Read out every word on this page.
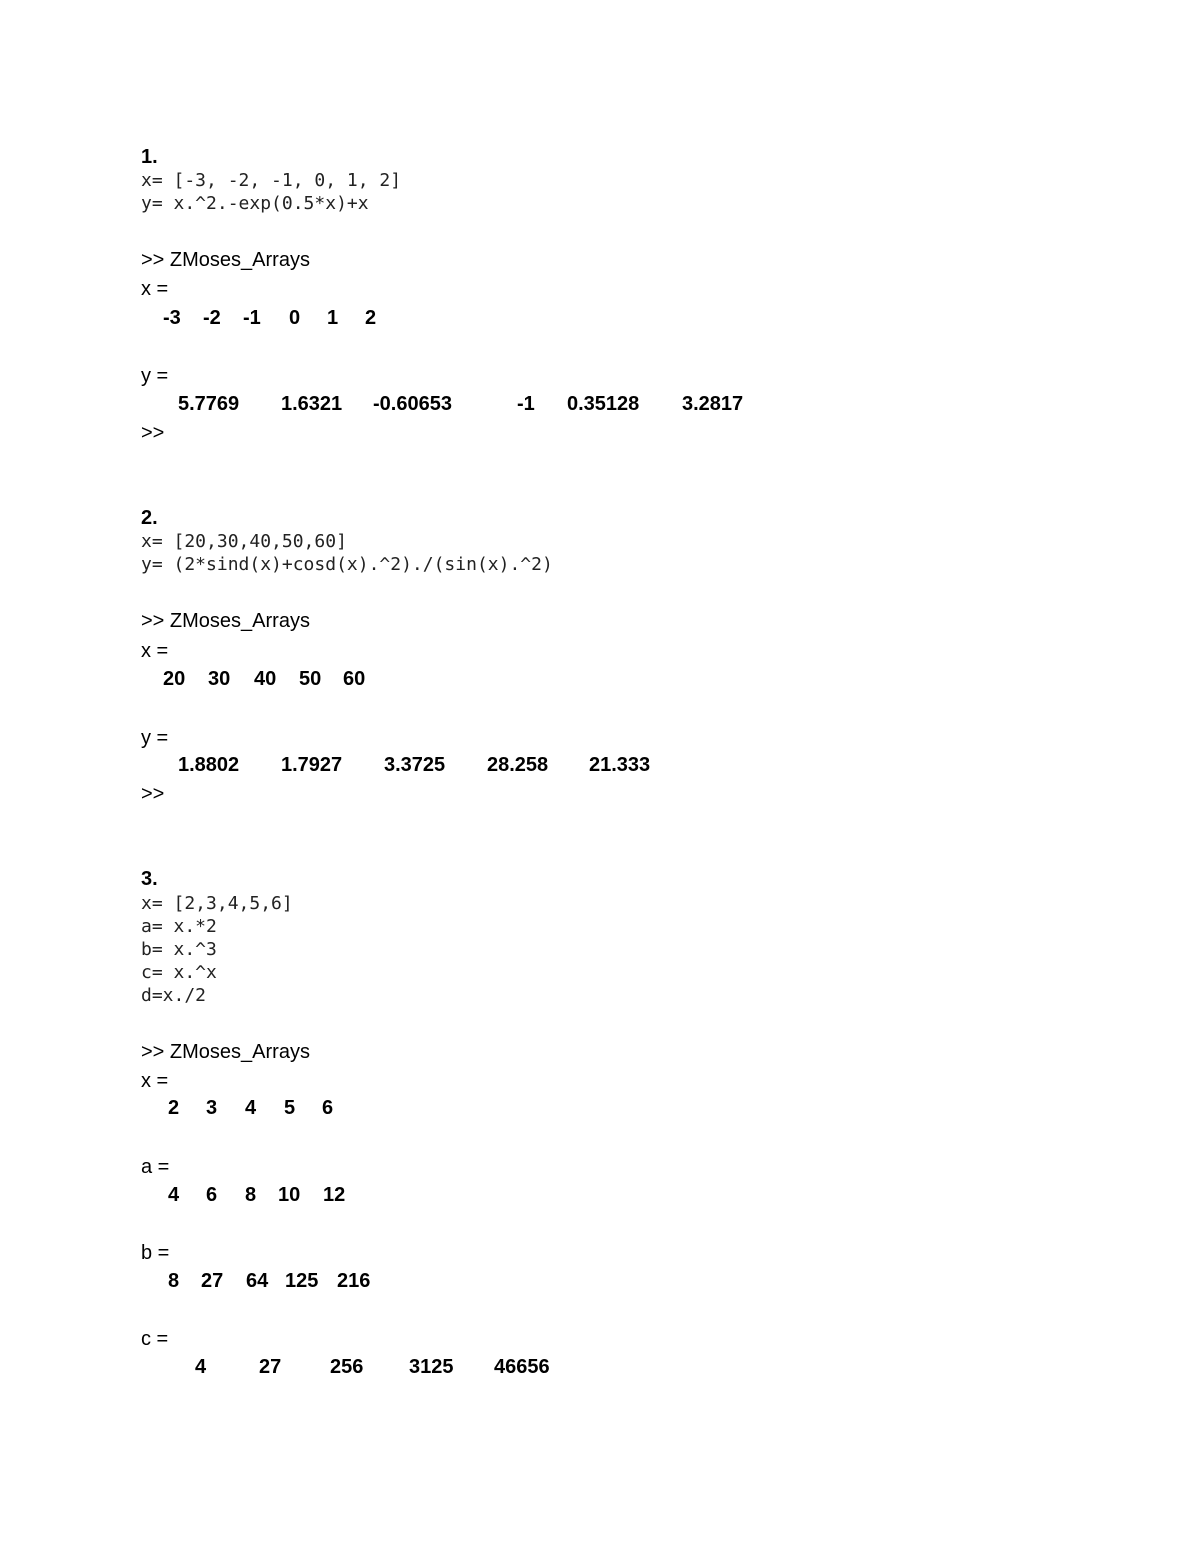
1.
x= [-3, -2, -1, 0, 1, 2]
y= x.^2.-exp(0.5*x)+x
>> ZMoses_Arrays
x =
-3 -2 -1 0 1 2
y =
5.7769 1.6321 -0.60653	-1 0.35128 3.2817
>>
2.
x= [20,30,40,50,60]
y= (2*sind(x)+cosd(x).^2)./(sin(x).^2)
>> ZMoses_Arrays
x =
20 30 40 50 60
y =
1.8802 1.7927 3.3725 28.258 21.333
>>
3.
x= [2,3,4,5,6]
a= x.*2
b= x.^3
c= x.^x
d=x./2
>> ZMoses_Arrays
x =
2 3 4 5 6
a =
4 6 8 10 12
b =
8 27 64 125 216
c =
4	27 256 3125 46656
